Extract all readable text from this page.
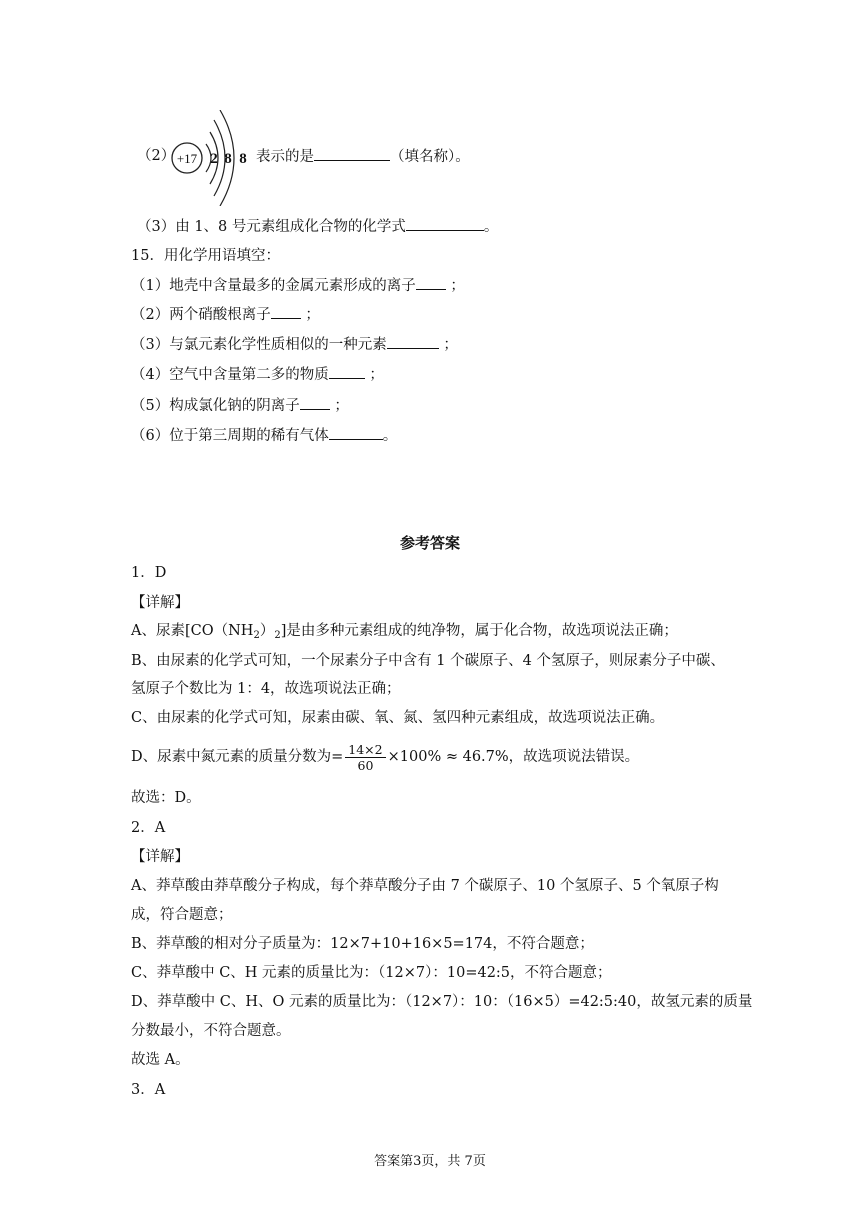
（2） +17 2 8 8 表示的是	（填名称）。
（3）由 1、8 号元素组成化合物的化学式	。
15．用化学用语填空：
（1）地壳中含量最多的金属元素形成的离子 ；
（2）两个硝酸根离子 ；
（3）与氯元素化学性质相似的一种元素	；
（4）空气中含量第二多的物质 ；
（5）构成氯化钠的阴离子 ；
（6）位于第三周期的稀有气体	。
参考答案
1．D
【详解】
A、尿素$[CO(NH_2)_2]$是由多种元素组成的纯净物，属于化合物，故选项说法正确；
B、由尿素的化学式可知，一个尿素分子中含有 1 个碳原子、4 个氢原子，则尿素分子中碳、
氢原子个数比为 1：4，故选项说法正确；
C、由尿素的化学式可知，尿素由碳、氧、氮、氢四种元素组成，故选项说法正确。
D、尿素中氮元素的质量分数为= $\frac{14\times 2}{60} \times 100\% \approx 46.7\%$，故选项说法错误。
故选：D。
2．A
【详解】
A、莽草酸由莽草酸分子构成，每个莽草酸分子由 7 个碳原子、10 个氢原子、5 个氧原子构
成，符合题意；
B、莽草酸的相对分子质量为：12×7+10+16×5=174，不符合题意；
C、莽草酸中 C、H 元素的质量比为：（12×7）：10=42:5，不符合题意；
D、莽草酸中 C、H、O 元素的质量比为：（12×7）：10：（16×5）=42:5:40，故氢元素的质量
分数最小，不符合题意。
故选 A。
3．A
答案第3页，共 7页
